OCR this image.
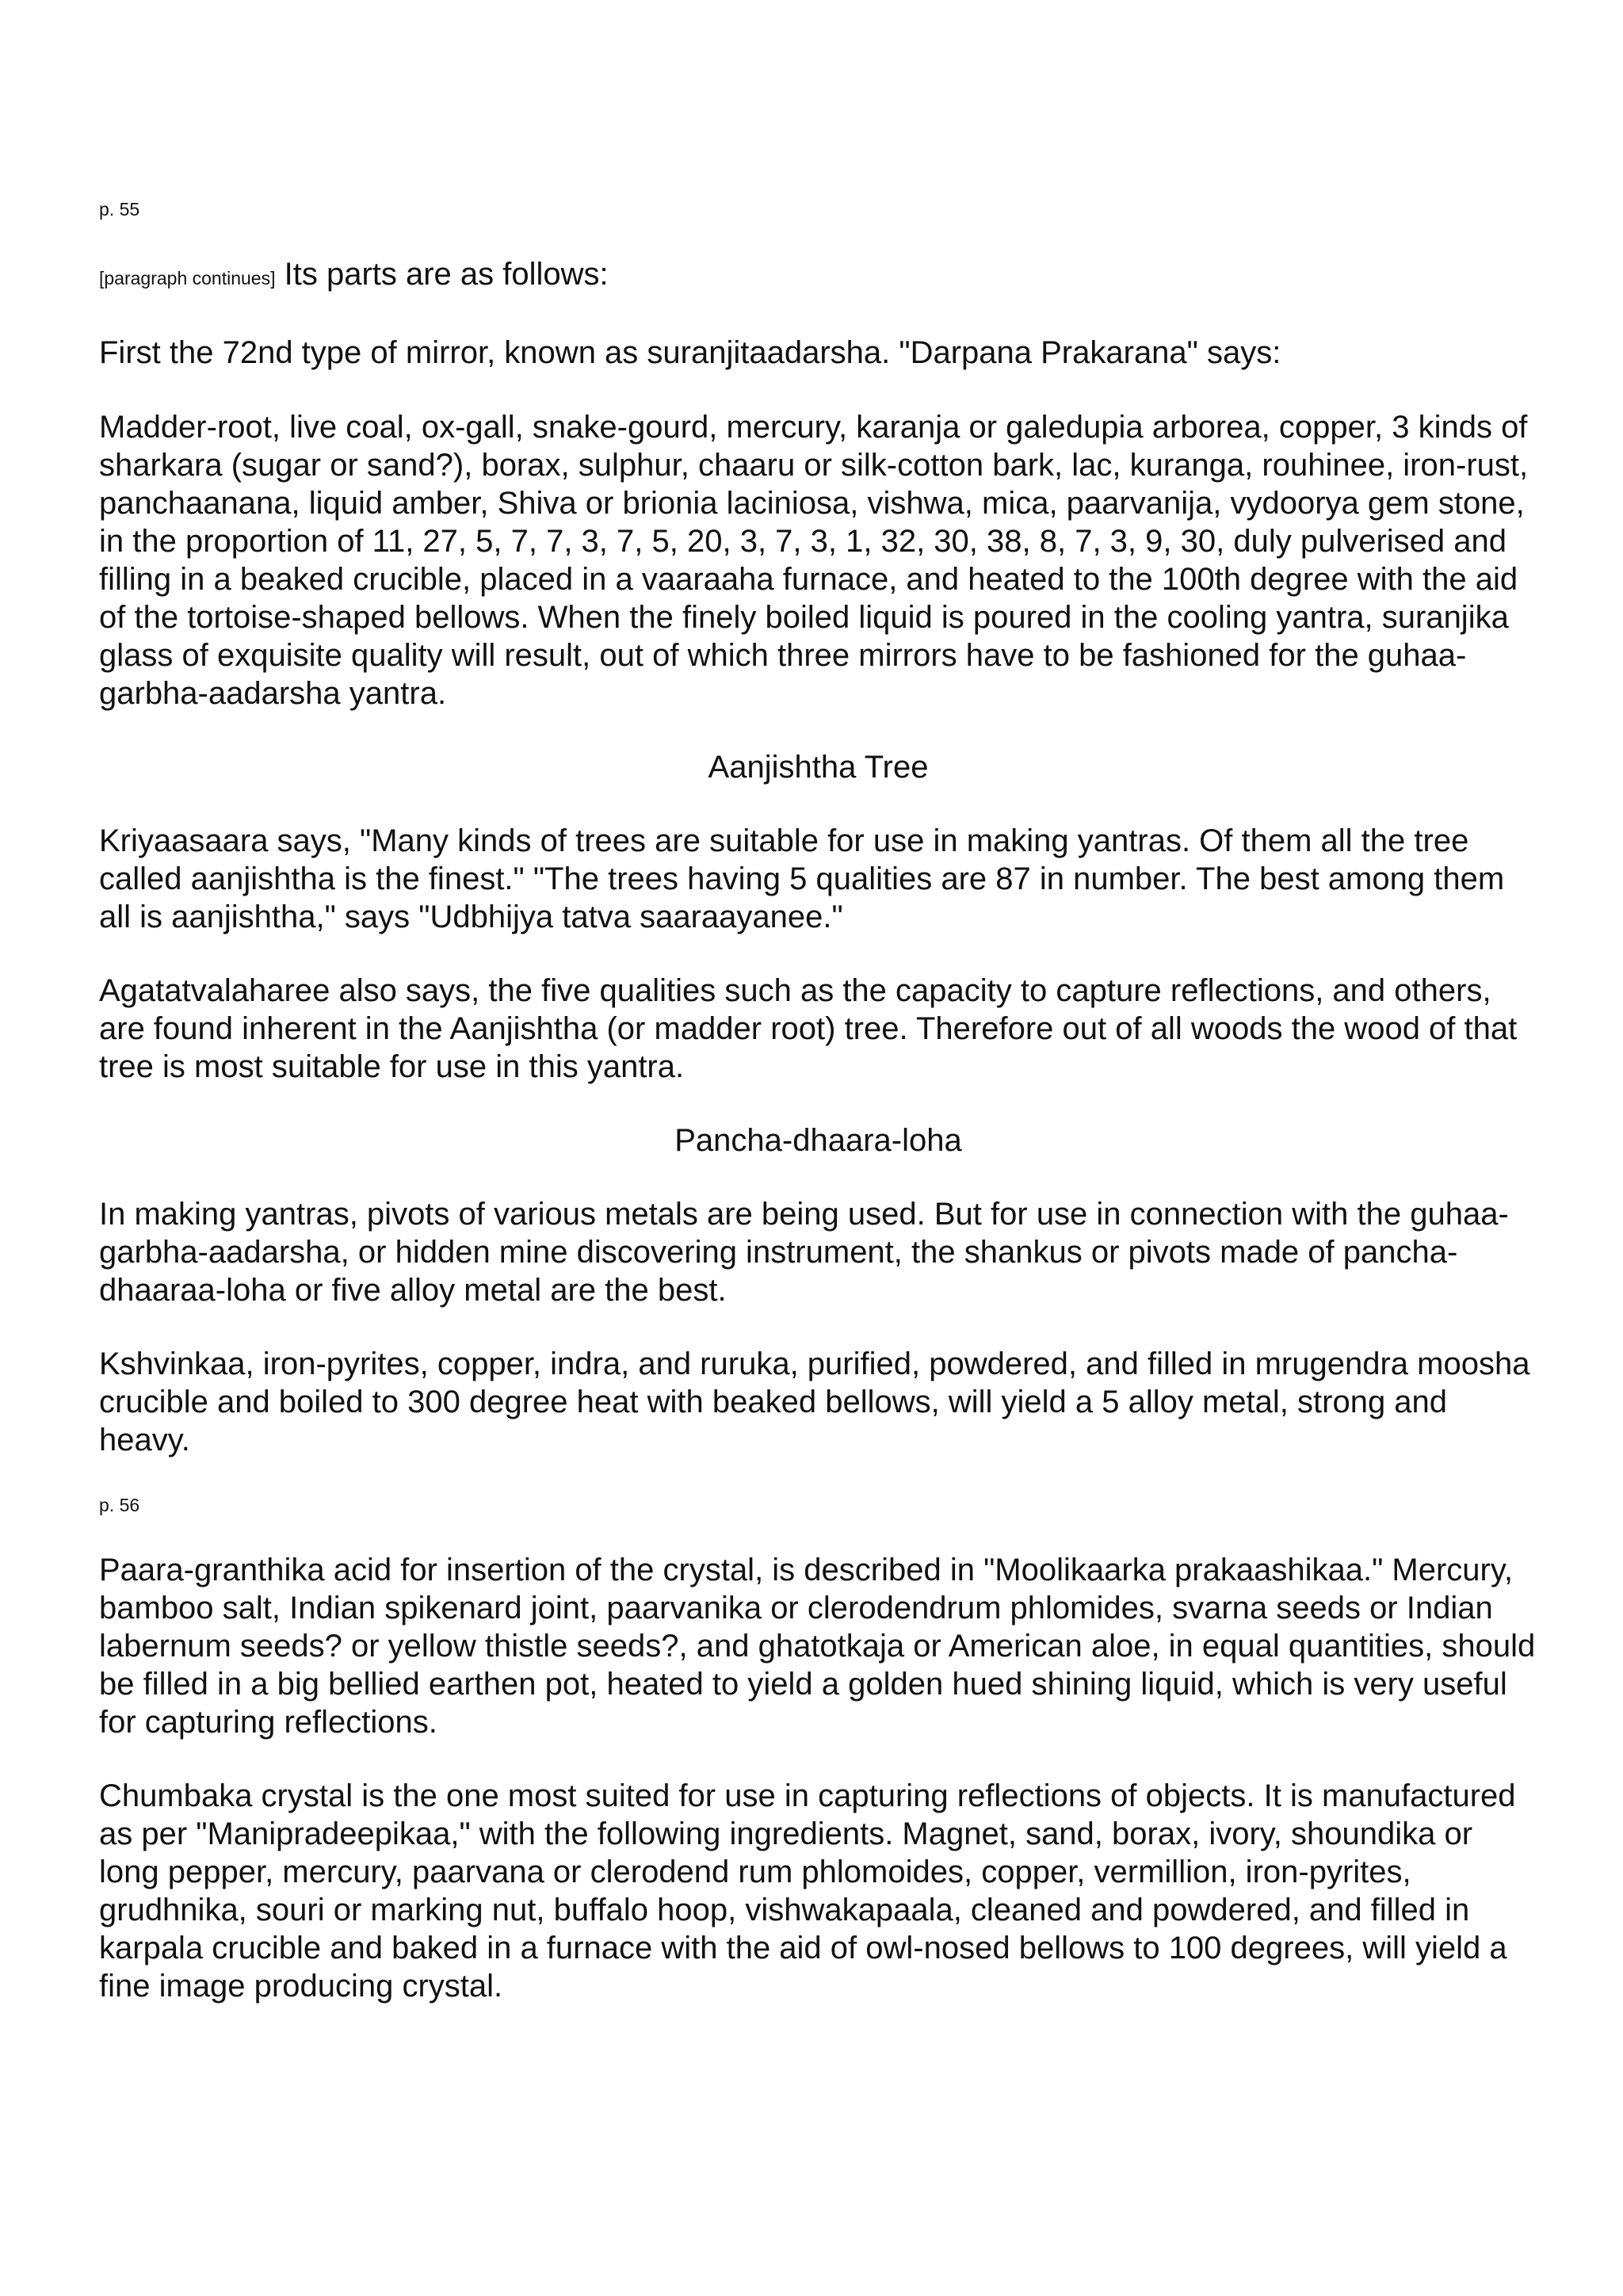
p. 55

[paragraph continues] Its parts are as follows:

First the 72nd type of mirror, known as suranjitaadarsha. "Darpana Prakarana" says:

Madder-root, live coal, ox-gall, snake-gourd, mercury, karanja or galedupia arborea, copper, 3 kinds of sharkara (sugar or sand?), borax, sulphur, chaaru or silk-cotton bark, lac, kuranga, rouhinee, iron-rust, panchaanana, liquid amber, Shiva or brionia laciniosa, vishwa, mica, paarvanija, vydoorya gem stone, in the proportion of 11, 27, 5, 7, 7, 3, 7, 5, 20, 3, 7, 3, 1, 32, 30, 38, 8, 7, 3, 9, 30, duly pulverised and filling in a beaked crucible, placed in a vaaraaha furnace, and heated to the 100th degree with the aid of the tortoise-shaped bellows. When the finely boiled liquid is poured in the cooling yantra, suranjika glass of exquisite quality will result, out of which three mirrors have to be fashioned for the guhaa-garbha-aadarsha yantra.

Aanjishtha Tree

Kriyaasaara says, "Many kinds of trees are suitable for use in making yantras. Of them all the tree called aanjishtha is the finest." "The trees having 5 qualities are 87 in number. The best among them all is aanjishtha," says "Udbhijya tatva saaraayanee."

Agatatvalaharee also says, the five qualities such as the capacity to capture reflections, and others, are found inherent in the Aanjishtha (or madder root) tree. Therefore out of all woods the wood of that tree is most suitable for use in this yantra.

Pancha-dhaara-loha

In making yantras, pivots of various metals are being used. But for use in connection with the guhaa-garbha-aadarsha, or hidden mine discovering instrument, the shankus or pivots made of pancha-dhaaraa-loha or five alloy metal are the best.

Kshvinkaa, iron-pyrites, copper, indra, and ruruka, purified, powdered, and filled in mrugendra moosha crucible and boiled to 300 degree heat with beaked bellows, will yield a 5 alloy metal, strong and heavy.

p. 56

Paara-granthika acid for insertion of the crystal, is described in "Moolikaarka prakaashikaa." Mercury, bamboo salt, Indian spikenard joint, paarvanika or clerodendrum phlomides, svarna seeds or Indian labernum seeds? or yellow thistle seeds?, and ghatotkaja or American aloe, in equal quantities, should be filled in a big bellied earthen pot, heated to yield a golden hued shining liquid, which is very useful for capturing reflections.

Chumbaka crystal is the one most suited for use in capturing reflections of objects. It is manufactured as per "Manipradeepikaa," with the following ingredients. Magnet, sand, borax, ivory, shoundika or long pepper, mercury, paarvana or clerodend rum phlomoides, copper, vermillion, iron-pyrites, grudhnika, souri or marking nut, buffalo hoop, vishwakapaala, cleaned and powdered, and filled in karpala crucible and baked in a furnace with the aid of owl-nosed bellows to 100 degrees, will yield a fine image producing crystal.
